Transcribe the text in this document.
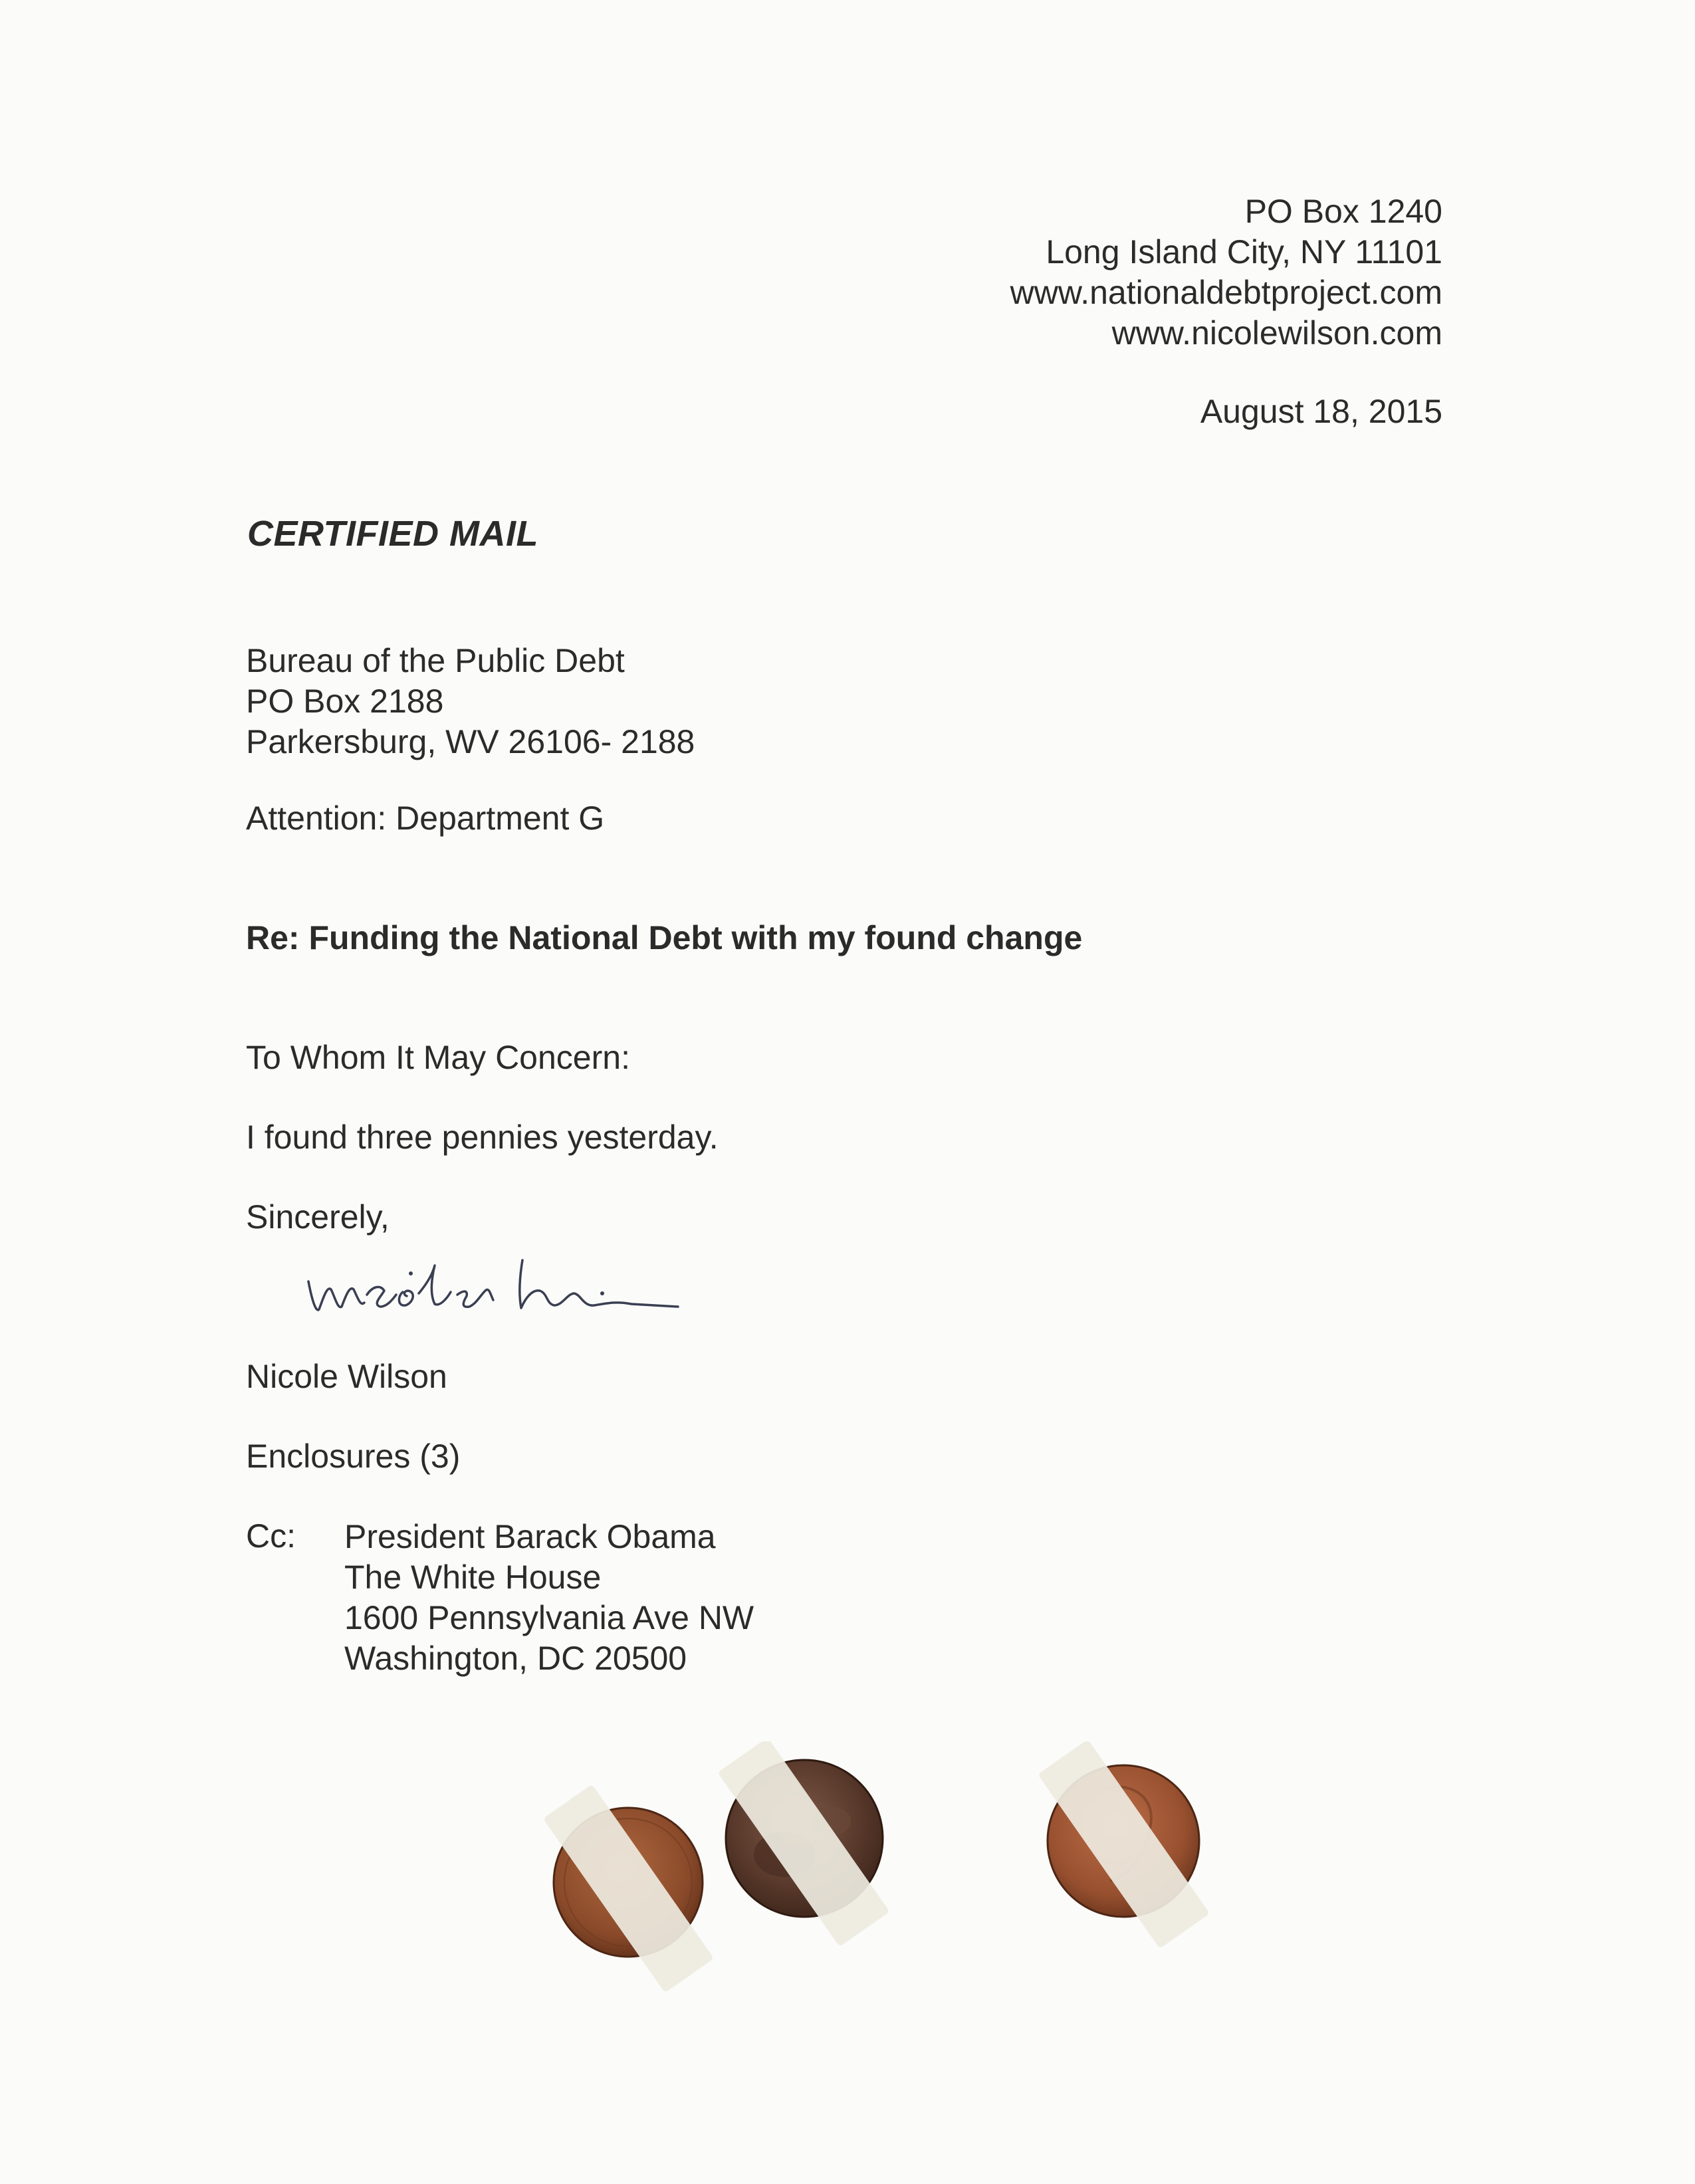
PO Box 1240
Long Island City, NY 11101
www.nationaldebtproject.com
www.nicolewilson.com
August 18, 2015
CERTIFIED MAIL
Bureau of the Public Debt
PO Box 2188
Parkersburg, WV 26106- 2188
Attention: Department G
Re: Funding the National Debt with my found change
To Whom It May Concern:
I found three pennies yesterday.
Sincerely,
Nicole Wilson
Enclosures (3)
Cc: President Barack Obama
The White House
1600 Pennsylvania Ave NW
Washington, DC 20500
